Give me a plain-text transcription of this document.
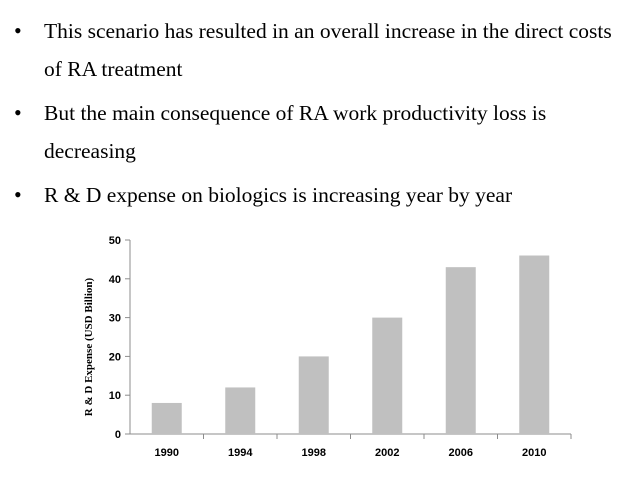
• This scenario has resulted in an overall increase in the direct costs of RA treatment
• But the main consequence of RA work productivity loss is decreasing
• R & D expense on biologics is increasing year by year
0
10
20
30
40
50
1990	1994	1998	2002	2006	2010
R & D Expense (USD Billion)
